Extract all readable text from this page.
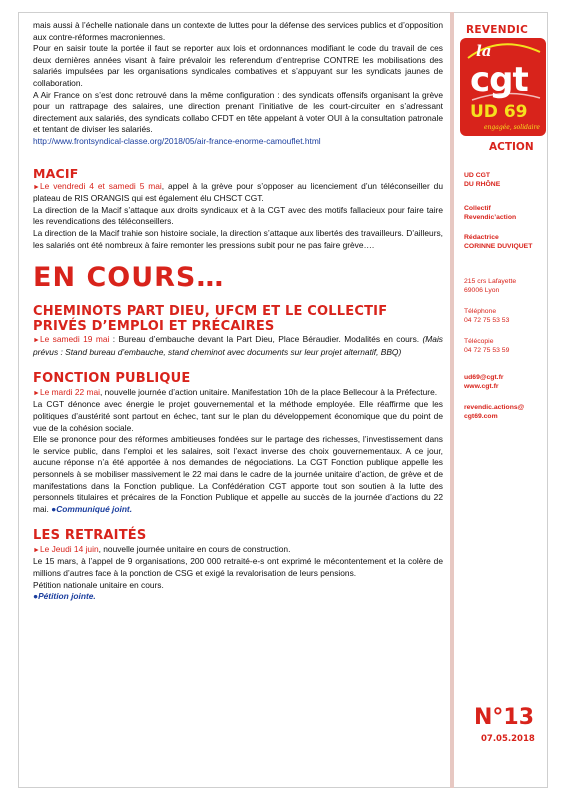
mais aussi à l’échelle nationale dans un contexte de luttes pour la défense des services publics et d’opposition aux contre-réformes macroniennes.

Pour en saisir toute la portée il faut se reporter aux lois et ordonnances modifiant le code du travail de ces deux dernières années visant à faire prévaloir les referendum d’entreprise CONTRE les mobilisations des salariés impulsées par les organisations syndicales combatives et s’appuyant sur les syndicats jaunes de collaboration.

A Air France on s’est donc retrouvé dans la même configuration : des syndicats offensifs organisant la grève pour un rattrapage des salaires, une direction prenant l’initiative de les court-circuiter en s’adressant directement aux salariés, des syndicats collabo CFDT en tête appelant à voter OUI à la consultation patronale et tentant de diviser les salariés.

http://www.frontsyndical-classe.org/2018/05/air-france-enorme-camouflet.html

MACIF

►Le vendredi 4 et samedi 5 mai, appel à la grève pour s’opposer au licenciement d’un téléconseiller du plateau de RIS ORANGIS qui est également élu CHSCT CGT.

La direction de la Macif s’attaque aux droits syndicaux et à la CGT avec des motifs fallacieux pour faire taire les revendications des téléconseillers.

La direction de la Macif trahie son histoire sociale, la direction s’attaque aux libertés des travailleurs. D’ailleurs, les salariés ont été nombreux à faire remonter les pressions subit pour ne pas faire grève….

EN COURS…
CHEMINOTS PART DIEU, UFCM ET LE COLLECTIF PRIVÉS D’EMPLOI ET PRÉCAIRES

►Le samedi 19 mai : Bureau d’embauche devant la Part Dieu, Place Béraudier. Modalités en cours. (Mais prévus : Stand bureau d’embauche, stand cheminot avec documents sur leur projet alternatif, BBQ)

FONCTION PUBLIQUE

►Le mardi 22 mai, nouvelle journée d’action unitaire. Manifestation 10h de la place Bellecour à la Préfecture.

La CGT dénonce avec énergie le projet gouvernemental et la méthode employée. Elle réaffirme que les politiques d’austérité sont partout en échec, tant sur le plan du développement économique que du point de vue de la cohésion sociale.

Elle se prononce pour des réformes ambitieuses fondées sur le partage des richesses, l’investissement dans le service public, dans l’emploi et les salaires, soit l’exact inverse des choix gouvernementaux. A ce jour, aucune réponse n’a été apportée à nos demandes de négociations. La CGT Fonction publique appelle les personnels à se mobiliser massivement le 22 mai dans le cadre de la journée unitaire d’action, de grève et de manifestations dans la Fonction publique. La Confédération CGT apporte tout son soutien à la lutte des personnels titulaires et précaires de la Fonction Publique et appelle au succès de la journée d’actions du 22 mai. ●Communiqué joint.

LES RETRAITÉS

►Le Jeudi 14 juin, nouvelle journée unitaire en cours de construction.

Le 15 mars, à l’appel de 9 organisations, 200 000 retraité-e-s ont exprimé le mécontentement et la colère de millions d’autres face à la ponction de CSG et exigé la revalorisation de leurs pensions.

Pétition nationale unitaire en cours.

●Pétition jointe.

REVENDIC
la
cgt
UD 69
engagée, solidaire
ACTION
UD CGT
DU RHÔNE
Collectif
Revendic’action
Rédactrice
CORINNE DUVIQUET
215 crs Lafayette
69006 Lyon
Téléphone
04 72 75 53 53
Télécopie
04 72 75 53 59
ud69@cgt.fr
www.cgt.fr
revendic.actions@
cgt69.com
N°13
07.05.2018
